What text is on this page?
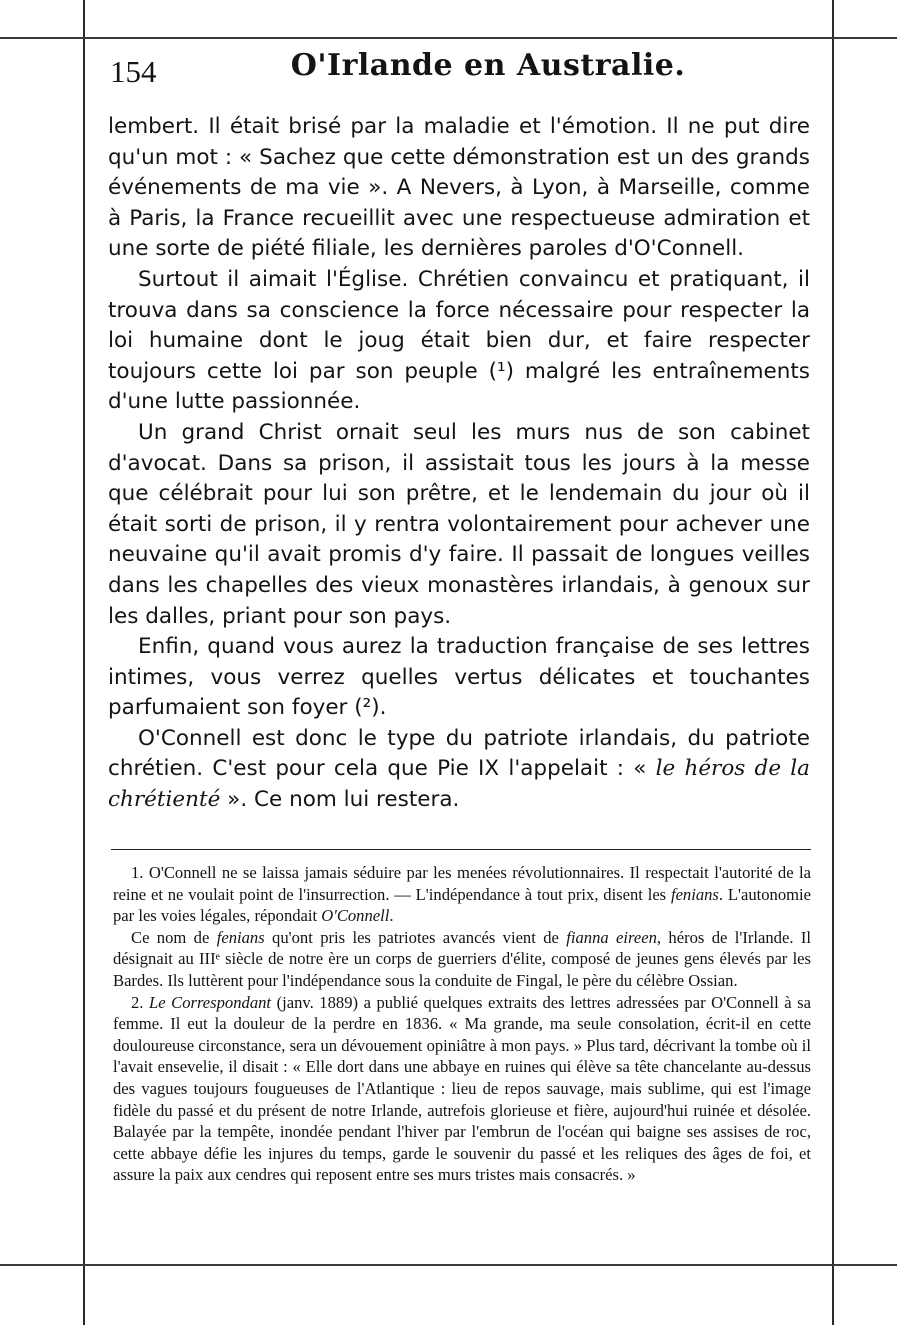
154	O'Irlande en Australie.

lembert. Il était brisé par la maladie et l'émotion. Il ne put dire qu'un mot : « Sachez que cette démonstration est un des grands événements de ma vie ». A Nevers, à Lyon, à Marseille, comme à Paris, la France recueillit avec une respectueuse admiration et une sorte de piété filiale, les dernières paroles d'O'Connell.

Surtout il aimait l'Église. Chrétien convaincu et pratiquant, il trouva dans sa conscience la force nécessaire pour respecter la loi humaine dont le joug était bien dur, et faire respecter toujours cette loi par son peuple (¹) malgré les entraînements d'une lutte passionnée.

Un grand Christ ornait seul les murs nus de son cabinet d'avocat. Dans sa prison, il assistait tous les jours à la messe que célébrait pour lui son prêtre, et le lendemain du jour où il était sorti de prison, il y rentra volontairement pour achever une neuvaine qu'il avait promis d'y faire. Il passait de longues veilles dans les chapelles des vieux monastères irlandais, à genoux sur les dalles, priant pour son pays.

Enfin, quand vous aurez la traduction française de ses lettres intimes, vous verrez quelles vertus délicates et touchantes parfumaient son foyer (²).

O'Connell est donc le type du patriote irlandais, du patriote chrétien. C'est pour cela que Pie IX l'appelait : « le héros de la chrétienté ». Ce nom lui restera.

1. O'Connell ne se laissa jamais séduire par les menées révolutionnaires. Il respectait l'autorité de la reine et ne voulait point de l'insurrection. — L'indépendance à tout prix, disent les fenians. L'autonomie par les voies légales, répondait O'Connell.

Ce nom de fenians qu'ont pris les patriotes avancés vient de fianna eireen, héros de l'Irlande. Il désignait au IIIᵉ siècle de notre ère un corps de guerriers d'élite, composé de jeunes gens élevés par les Bardes. Ils luttèrent pour l'indépendance sous la conduite de Fingal, le père du célèbre Ossian.

2. Le Correspondant (janv. 1889) a publié quelques extraits des lettres adressées par O'Connell à sa femme. Il eut la douleur de la perdre en 1836. « Ma grande, ma seule consolation, écrit-il en cette douloureuse circonstance, sera un dévouement opiniâtre à mon pays. » Plus tard, décrivant la tombe où il l'avait ensevelie, il disait : « Elle dort dans une abbaye en ruines qui élève sa tête chancelante au-dessus des vagues toujours fougueuses de l'Atlantique : lieu de repos sauvage, mais sublime, qui est l'image fidèle du passé et du présent de notre Irlande, autrefois glorieuse et fière, aujourd'hui ruinée et désolée. Balayée par la tempête, inondée pendant l'hiver par l'embrun de l'océan qui baigne ses assises de roc, cette abbaye défie les injures du temps, garde le souvenir du passé et les reliques des âges de foi, et assure la paix aux cendres qui reposent entre ses murs tristes mais consacrés. »
